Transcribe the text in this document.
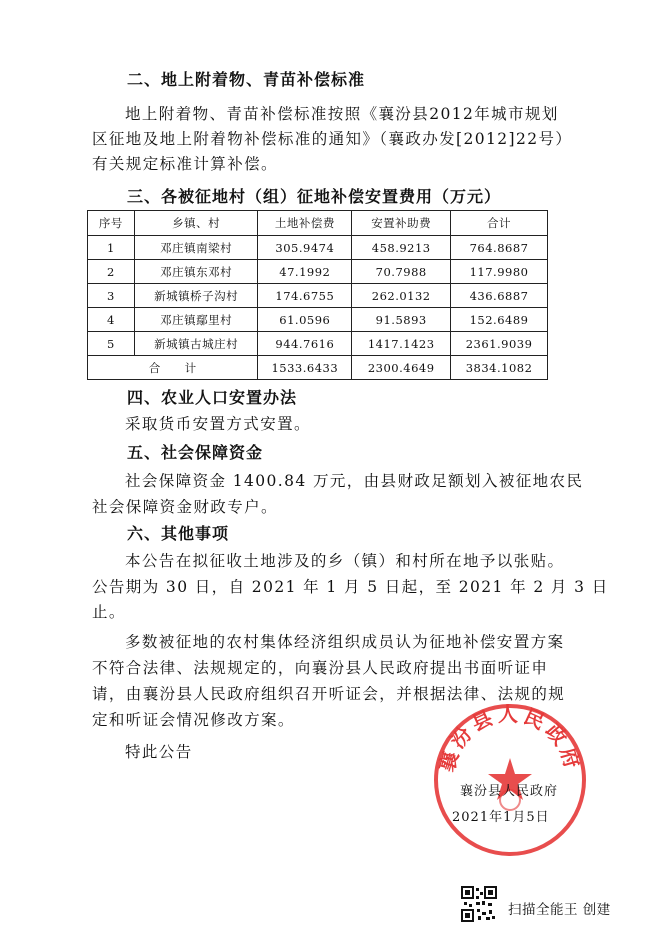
二、地上附着物、青苗补偿标准
地上附着物、青苗补偿标准按照《襄汾县2012年城市规划
区征地及地上附着物补偿标准的通知》（襄政办发[2012]22号）
有关规定标准计算补偿。
三、各被征地村（组）征地补偿安置费用（万元）
序号	乡镇、村	土地补偿费	安置补助费	合计
1	邓庄镇南梁村	305.9474	458.9213	764.8687
2	邓庄镇东邓村	47.1992	70.7988	117.9980
3	新城镇桥子沟村	174.6755	262.0132	436.6887
4	邓庄镇鄢里村	61.0596	91.5893	152.6489
5	新城镇古城庄村	944.7616	1417.1423	2361.9039
合　　计		1533.6433	2300.4649	3834.1082
四、农业人口安置办法
采取货币安置方式安置。
五、社会保障资金
社会保障资金 1400.84 万元，由县财政足额划入被征地农民
社会保障资金财政专户。
六、其他事项
本公告在拟征收土地涉及的乡（镇）和村所在地予以张贴。
公告期为 30 日，自 2021 年 1 月 5 日起，至 2021 年 2 月 3 日
止。
多数被征地的农村集体经济组织成员认为征地补偿安置方案
不符合法律、法规规定的，向襄汾县人民政府提出书面听证申
请，由襄汾县人民政府组织召开听证会，并根据法律、法规的规
定和听证会情况修改方案。
特此公告	襄汾县人民政府
襄汾县人民政府
2021年1月5日
扫描全能王 创建
